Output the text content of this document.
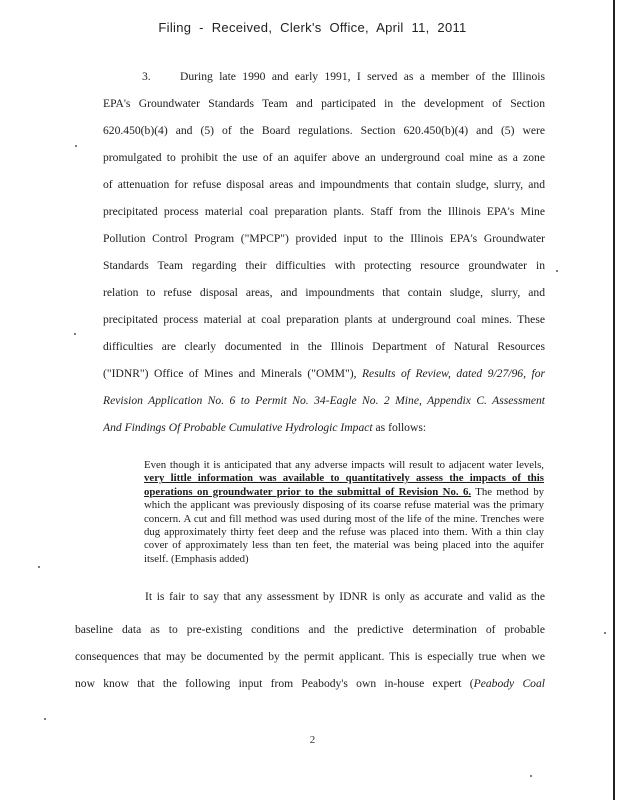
Filing - Received, Clerk's Office, April 11, 2011
3.	During late 1990 and early 1991, I served as a member of the Illinois
EPA's Groundwater Standards Team and participated in the development of Section
620.450(b)(4) and (5) of the Board regulations. Section 620.450(b)(4) and (5) were
promulgated to prohibit the use of an aquifer above an underground coal mine as a zone
of attenuation for refuse disposal areas and impoundments that contain sludge, slurry, and
precipitated process material coal preparation plants. Staff from the Illinois EPA's Mine
Pollution Control Program ("MPCP") provided input to the Illinois EPA's Groundwater
Standards Team regarding their difficulties with protecting resource groundwater in
relation to refuse disposal areas, and impoundments that contain sludge, slurry, and
precipitated process material at coal preparation plants at underground coal mines. These
difficulties are clearly documented in the Illinois Department of Natural Resources
("IDNR") Office of Mines and Minerals ("OMM"), Results of Review, dated 9/27/96, for
Revision Application No. 6 to Permit No. 34-Eagle No. 2 Mine, Appendix C. Assessment
And Findings Of Probable Cumulative Hydrologic Impact as follows:
Even though it is anticipated that any adverse impacts will result to adjacent water levels, very little information was available to quantitatively assess the impacts of this operations on groundwater prior to the submittal of Revision No. 6. The method by which the applicant was previously disposing of its coarse refuse material was the primary concern. A cut and fill method was used during most of the life of the mine. Trenches were dug approximately thirty feet deep and the refuse was placed into them. With a thin clay cover of approximately less than ten feet, the material was being placed into the aquifer itself. (Emphasis added)
It is fair to say that any assessment by IDNR is only as accurate and valid as the
baseline data as to pre-existing conditions and the predictive determination of probable
consequences that may be documented by the permit applicant. This is especially true when we
now know that the following input from Peabody's own in-house expert (Peabody Coal
2
